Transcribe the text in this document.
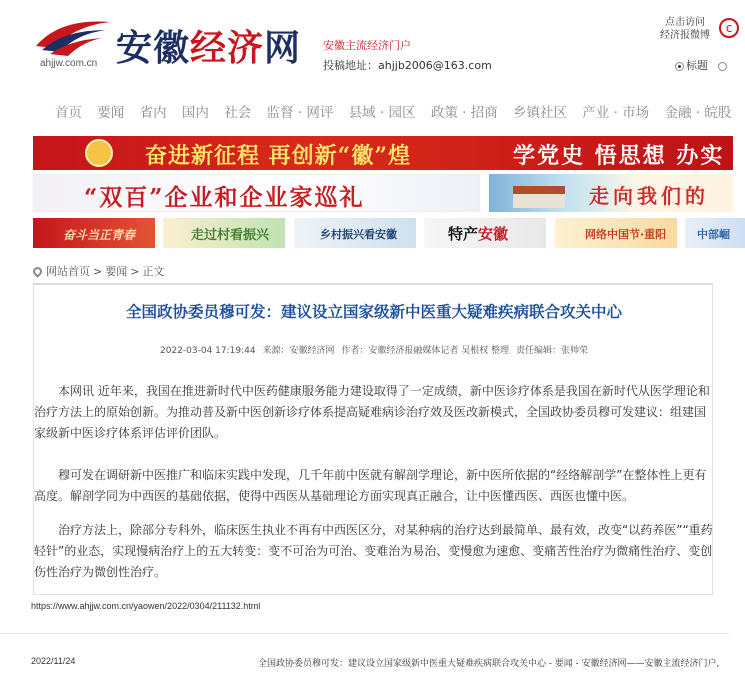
ahjjw.com.cn 安徽经济网 安徽主流经济门户
投稿地址：ahjjb2006@163.com
点击访问
经济报微博
c
标题
首页 要闻 省内 国内 社会 监督 · 网评 县域 · 园区 政策 · 招商 乡镇社区 产业 · 市场 金融 · 皖股
奋进新征程 再创新“徽”煌	学党史 悟思想 办实
“双百”企业和企业家巡礼	走向我们的
奋斗当正青春	走过村看振兴	乡村振兴看安徽	特产安徽	网络中国节·重阳	中部崛
网站首页 > 要闻 > 正文
全国政协委员穆可发：建议设立国家级新中医重大疑难疾病联合攻关中心
2022-03-04 17:19:44 来源：安徽经济网 作者：安徽经济报融媒体记者 吴根权 整理 责任编辑：张帅荣

本网讯 近年来，我国在推进新时代中医药健康服务能力建设取得了一定成绩，新中医诊疗体系是我国在新时代从医学理论和治疗方法上的原始创新。为推动普及新中医创新诊疗体系提高疑难病诊治疗效及医改新模式，全国政协委员穆可发建议：组建国家级新中医诊疗体系评估评价团队。

穆可发在调研新中医推广和临床实践中发现，几千年前中医就有解剖学理论，新中医所依据的“经络解剖学”在整体性上更有高度。解剖学同为中西医的基础依据，使得中西医从基础理论方面实现真正融合，让中医懂西医、西医也懂中医。

治疗方法上，除部分专科外，临床医生执业不再有中西医区分，对某种病的治疗达到最简单、最有效，改变“以药养医”“重药轻针”的业态，实现慢病治疗上的五大转变：变不可治为可治、变难治为易治、变慢愈为速愈、变痛苦性治疗为微痛性治疗、变创伤性治疗为微创性治疗。

https://www.ahjjw.com.cn/yaowen/2022/0304/211132.html
2022/11/24	全国政协委员穆可发：建议设立国家级新中医重大疑难疾病联合攻关中心 - 要闻 - 安徽经济网——安徽主流经济门户,
